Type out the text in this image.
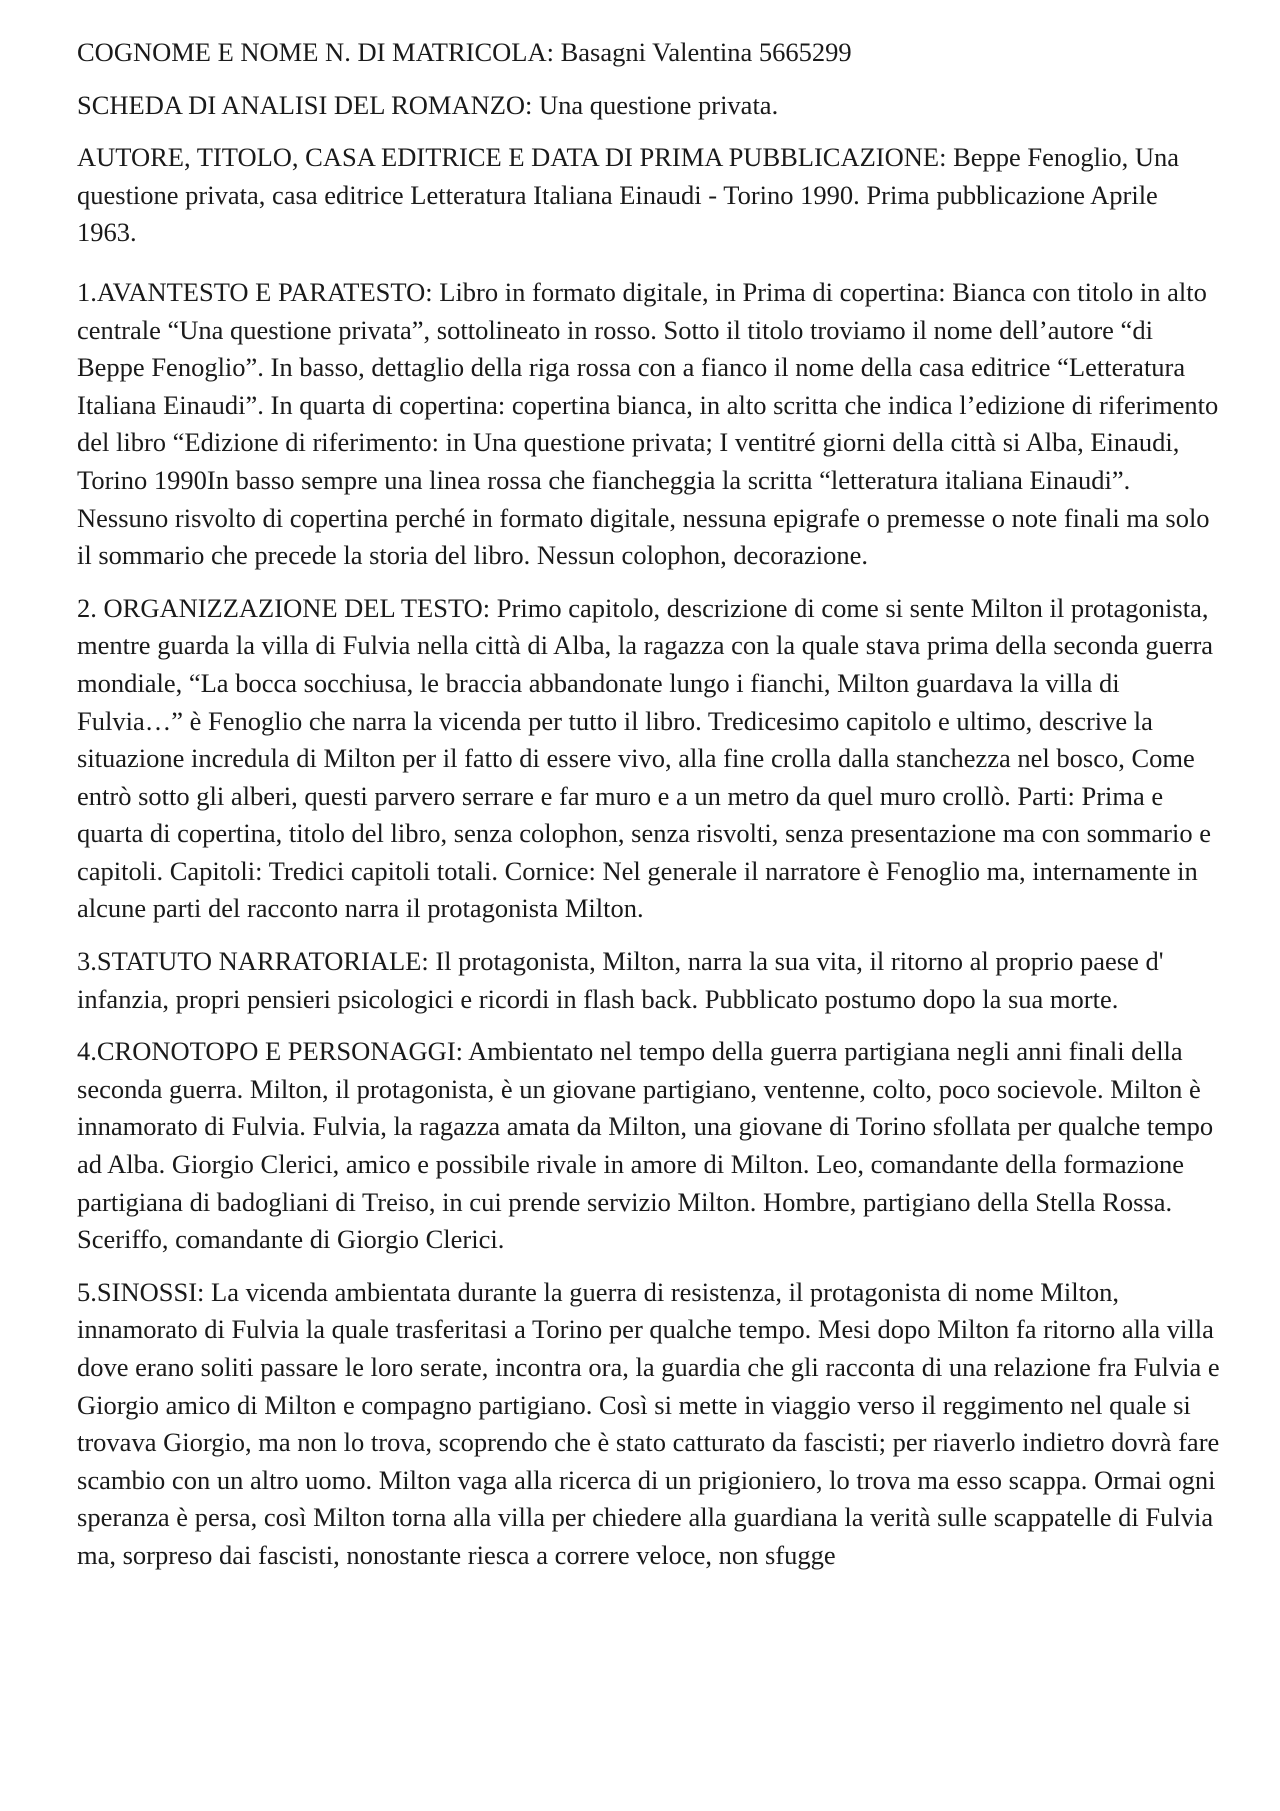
COGNOME E NOME N. DI MATRICOLA: Basagni Valentina 5665299

SCHEDA DI ANALISI DEL ROMANZO: Una questione privata.

AUTORE, TITOLO, CASA EDITRICE E DATA DI PRIMA PUBBLICAZIONE: Beppe Fenoglio, Una questione privata, casa editrice Letteratura Italiana Einaudi - Torino 1990. Prima pubblicazione Aprile 1963.

1.AVANTESTO E PARATESTO: Libro in formato digitale, in Prima di copertina: Bianca con titolo in alto centrale “Una questione privata”, sottolineato in rosso. Sotto il titolo troviamo il nome dell’autore “di Beppe Fenoglio”. In basso, dettaglio della riga rossa con a fianco il nome della casa editrice “Letteratura Italiana Einaudi”. In quarta di copertina: copertina bianca, in alto scritta che indica l’edizione di riferimento del libro “Edizione di riferimento: in Una questione privata; I ventitré giorni della città si Alba, Einaudi, Torino 1990In basso sempre una linea rossa che fiancheggia la scritta “letteratura italiana Einaudi”. Nessuno risvolto di copertina perché in formato digitale, nessuna epigrafe o premesse o note finali ma solo il sommario che precede la storia del libro. Nessun colophon, decorazione.

2. ORGANIZZAZIONE DEL TESTO: Primo capitolo, descrizione di come si sente Milton il protagonista, mentre guarda la villa di Fulvia nella città di Alba, la ragazza con la quale stava prima della seconda guerra mondiale, “La bocca socchiusa, le braccia abbandonate lungo i fianchi, Milton guardava la villa di Fulvia…” è Fenoglio che narra la vicenda per tutto il libro. Tredicesimo capitolo e ultimo, descrive la situazione incredula di Milton per il fatto di essere vivo, alla fine crolla dalla stanchezza nel bosco, Come entrò sotto gli alberi, questi parvero serrare e far muro e a un metro da quel muro crollò. Parti: Prima e quarta di copertina, titolo del libro, senza colophon, senza risvolti, senza presentazione ma con sommario e capitoli. Capitoli: Tredici capitoli totali. Cornice: Nel generale il narratore è Fenoglio ma, internamente in alcune parti del racconto narra il protagonista Milton.

3.STATUTO NARRATORIALE: Il protagonista, Milton, narra la sua vita, il ritorno al proprio paese d' infanzia, propri pensieri psicologici e ricordi in flash back. Pubblicato postumo dopo la sua morte.

4.CRONOTOPO E PERSONAGGI: Ambientato nel tempo della guerra partigiana negli anni finali della seconda guerra. Milton, il protagonista, è un giovane partigiano, ventenne, colto, poco socievole. Milton è innamorato di Fulvia. Fulvia, la ragazza amata da Milton, una giovane di Torino sfollata per qualche tempo ad Alba. Giorgio Clerici, amico e possibile rivale in amore di Milton. Leo, comandante della formazione partigiana di badogliani di Treiso, in cui prende servizio Milton. Hombre, partigiano della Stella Rossa. Sceriffo, comandante di Giorgio Clerici.

5.SINOSSI: La vicenda ambientata durante la guerra di resistenza, il protagonista di nome Milton, innamorato di Fulvia la quale trasferitasi a Torino per qualche tempo. Mesi dopo Milton fa ritorno alla villa dove erano soliti passare le loro serate, incontra ora, la guardia che gli racconta di una relazione fra Fulvia e Giorgio amico di Milton e compagno partigiano. Così si mette in viaggio verso il reggimento nel quale si trovava Giorgio, ma non lo trova, scoprendo che è stato catturato da fascisti; per riaverlo indietro dovrà fare scambio con un altro uomo. Milton vaga alla ricerca di un prigioniero, lo trova ma esso scappa. Ormai ogni speranza è persa, così Milton torna alla villa per chiedere alla guardiana la verità sulle scappatelle di Fulvia ma, sorpreso dai fascisti, nonostante riesca a correre veloce, non sfugge
